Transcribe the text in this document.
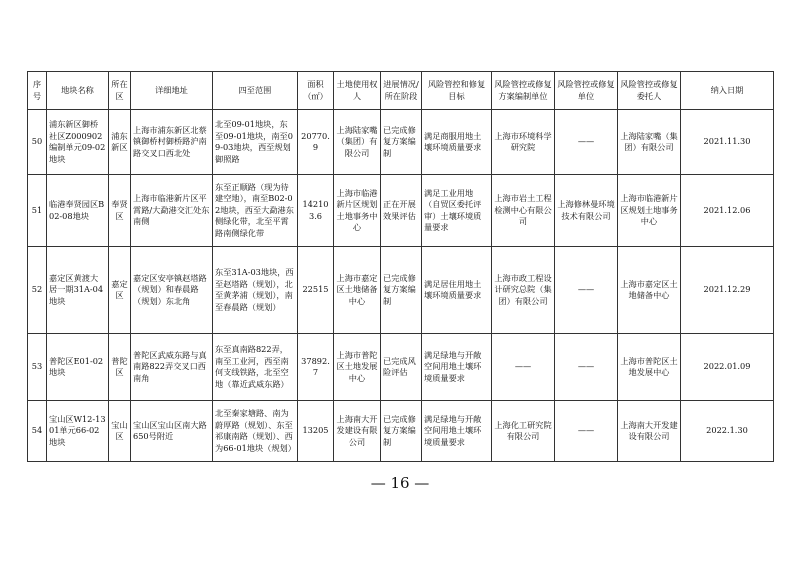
序号	地块名称	所在区	详细地址	四至范围	面积（㎡）	土地使用权人	进展情况/所在阶段	风险管控和修复目标	风险管控或修复方案编制单位	风险管控或修复单位	风险管控或修复委托人	纳入日期
50	浦东新区御桥社区Z000902编制单元09-02地块	浦东新区	上海市浦东新区北蔡镇御桥村御桥路沪南路交叉口西北处	北至09-01地块，东至09-01地块，南至09-03地块，西至规划御照路	20770.9	上海陆家嘴（集团）有限公司	已完成修复方案编制	满足商服用地土壤环境质量要求	上海市环境科学研究院	——	上海陆家嘴（集团）有限公司	2021.11.30
51	临港奉贤园区B02-08地块	奉贤区	上海市临港新片区平霄路/大勐港交汇处东南侧	东至正顺路（现为待建空地），南至B02-02地块，西至大勐港东侧绿化带，北至平霄路南侧绿化带	142103.6	上海市临港新片区规划土地事务中心	正在开展效果评估	满足工业用地（自贸区委托评审）土壤环境质量要求	上海市岩土工程检测中心有限公司	上海修林曼环境技术有限公司	上海市临港新片区规划土地事务中心	2021.12.06
52	嘉定区黄渡大居一期31A-04地块	嘉定区	嘉定区安亭镇赵塔路（规划）和春晨路（规划）东北角	东至31A-03地块，西至赵塔路（规划），北至黄茅浦（规划），南至春晨路（规划）	22515	上海市嘉定区土地储备中心	已完成修复方案编制	满足居住用地土壤环境质量要求	上海市政工程设计研究总院（集团）有限公司	——	上海市嘉定区土地储备中心	2021.12.29
53	普陀区E01-02地块	普陀区	普陀区武威东路与真南路822弄交叉口西南角	东至真南路822弄，南至工业河，西至南何支线铁路，北至空地（靠近武威东路）	37892.7	上海市普陀区土地发展中心	已完成风险评估	满足绿地与开敞空间用地土壤环境质量要求	——	——	上海市普陀区土地发展中心	2022.01.09
54	宝山区W12-1301单元66-02地块	宝山区	宝山区宝山区南大路650号附近	北至秦家塘路、南为蔚厚路（规划）、东至祁康南路（规划）、西为66-01地块（规划）	13205	上海南大开发建设有限公司	已完成修复方案编制	满足绿地与开敞空间用地土壤环境质量要求	上海化工研究院有限公司	——	上海南大开发建设有限公司	2022.1.30
— 16 —
